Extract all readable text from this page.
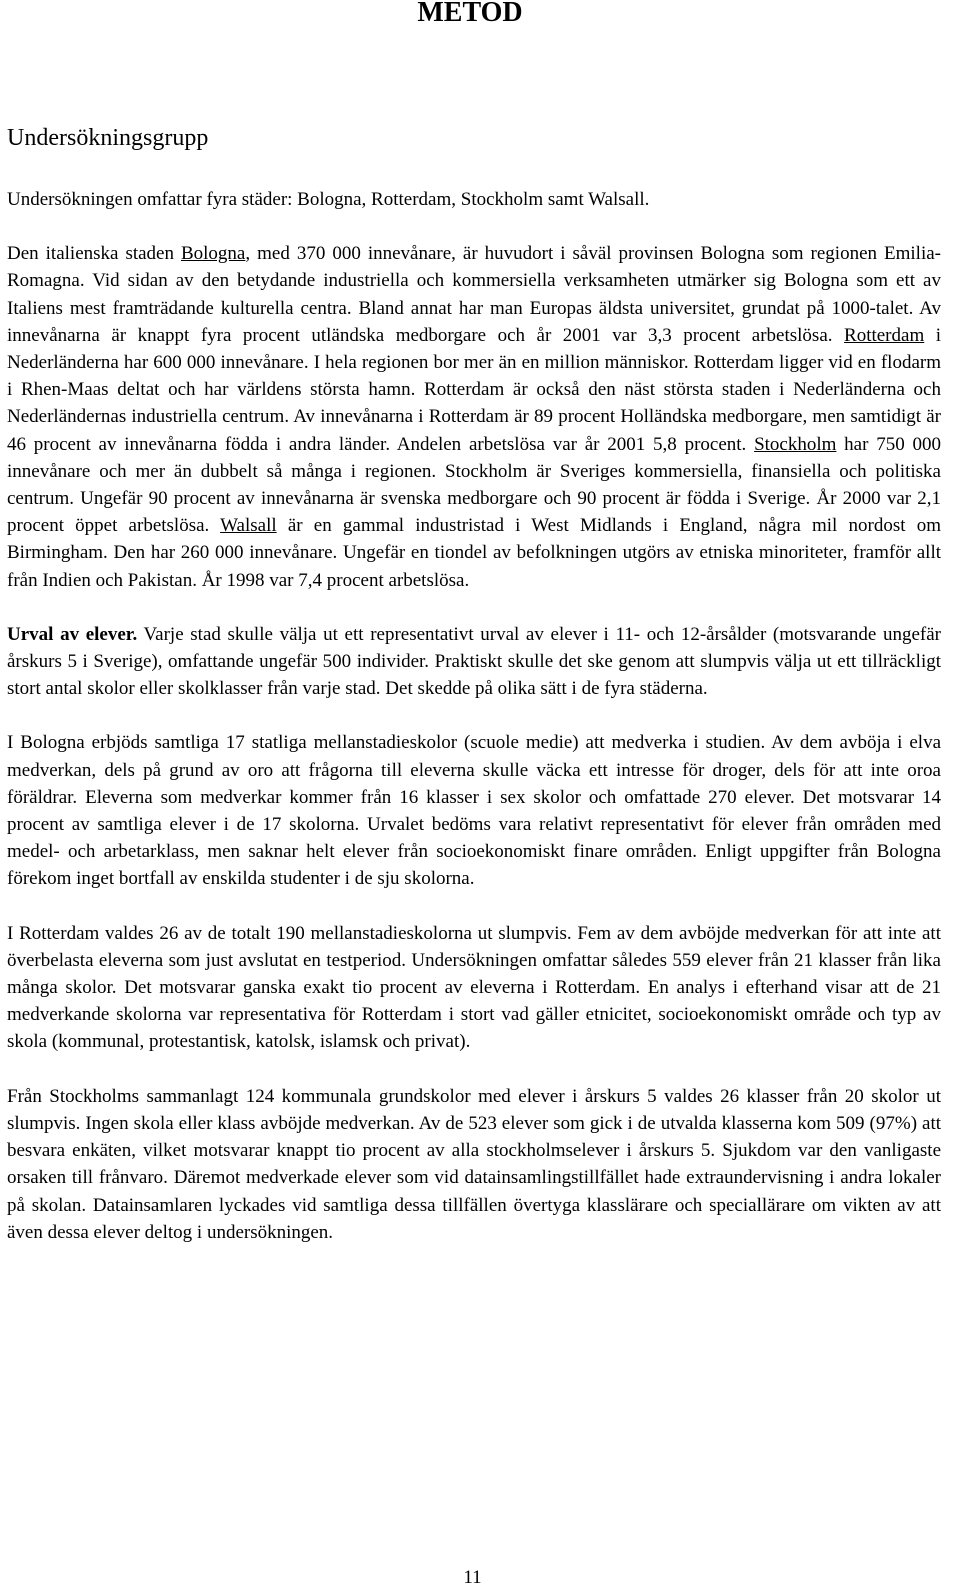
METOD
Undersökningsgrupp

Undersökningen omfattar fyra städer: Bologna, Rotterdam, Stockholm samt Walsall.

Den italienska staden Bologna, med 370 000 innevånare, är huvudort i såväl provinsen Bologna som regionen Emilia-Romagna. Vid sidan av den betydande industriella och kommersiella verksamheten utmärker sig Bologna som ett av Italiens mest framträdande kulturella centra. Bland annat har man Europas äldsta universitet, grundat på 1000-talet. Av innevånarna är knappt fyra procent utländska medborgare och år 2001 var 3,3 procent arbetslösa. Rotterdam i Nederländerna har 600 000 innevånare. I hela regionen bor mer än en million människor. Rotterdam ligger vid en flodarm i Rhen-Maas deltat och har världens största hamn. Rotterdam är också den näst största staden i Nederländerna och Nederländernas industriella centrum. Av innevånarna i Rotterdam är 89 procent Holländska medborgare, men samtidigt är 46 procent av innevånarna födda i andra länder. Andelen arbetslösa var år 2001 5,8 procent. Stockholm har 750 000 innevånare och mer än dubbelt så många i regionen. Stockholm är Sveriges kommersiella, finansiella och politiska centrum. Ungefär 90 procent av innevånarna är svenska medborgare och 90 procent är födda i Sverige. År 2000 var 2,1 procent öppet arbetslösa. Walsall är en gammal industristad i West Midlands i England, några mil nordost om Birmingham. Den har 260 000 innevånare. Ungefär en tiondel av befolkningen utgörs av etniska minoriteter, framför allt från Indien och Pakistan. År 1998 var 7,4 procent arbetslösa.

Urval av elever. Varje stad skulle välja ut ett representativt urval av elever i 11- och 12-årsålder (motsvarande ungefär årskurs 5 i Sverige), omfattande ungefär 500 individer. Praktiskt skulle det ske genom att slumpvis välja ut ett tillräckligt stort antal skolor eller skolklasser från varje stad. Det skedde på olika sätt i de fyra städerna.

I Bologna erbjöds samtliga 17 statliga mellanstadieskolor (scuole medie) att medverka i studien. Av dem avböja i elva medverkan, dels på grund av oro att frågorna till eleverna skulle väcka ett intresse för droger, dels för att inte oroa föräldrar. Eleverna som medverkar kommer från 16 klasser i sex skolor och omfattade 270 elever. Det motsvarar 14 procent av samtliga elever i de 17 skolorna. Urvalet bedöms vara relativt representativt för elever från områden med medel- och arbetarklass, men saknar helt elever från socioekonomiskt finare områden. Enligt uppgifter från Bologna förekom inget bortfall av enskilda studenter i de sju skolorna.

I Rotterdam valdes 26 av de totalt 190 mellanstadieskolorna ut slumpvis. Fem av dem avböjde medverkan för att inte att överbelasta eleverna som just avslutat en testperiod. Undersökningen omfattar således 559 elever från 21 klasser från lika många skolor. Det motsvarar ganska exakt tio procent av eleverna i Rotterdam. En analys i efterhand visar att de 21 medverkande skolorna var representativa för Rotterdam i stort vad gäller etnicitet, socioekonomiskt område och typ av skola (kommunal, protestantisk, katolsk, islamsk och privat).

Från Stockholms sammanlagt 124 kommunala grundskolor med elever i årskurs 5 valdes 26 klasser från 20 skolor ut slumpvis. Ingen skola eller klass avböjde medverkan. Av de 523 elever som gick i de utvalda klasserna kom 509 (97%) att besvara enkäten, vilket motsvarar knappt tio procent av alla stockholmselever i årskurs 5. Sjukdom var den vanligaste orsaken till frånvaro. Däremot medverkade elever som vid datainsamlingstillfället hade extraundervisning i andra lokaler på skolan. Datainsamlaren lyckades vid samtliga dessa tillfällen övertyga klasslärare och speciallärare om vikten av att även dessa elever deltog i undersökningen.

11
